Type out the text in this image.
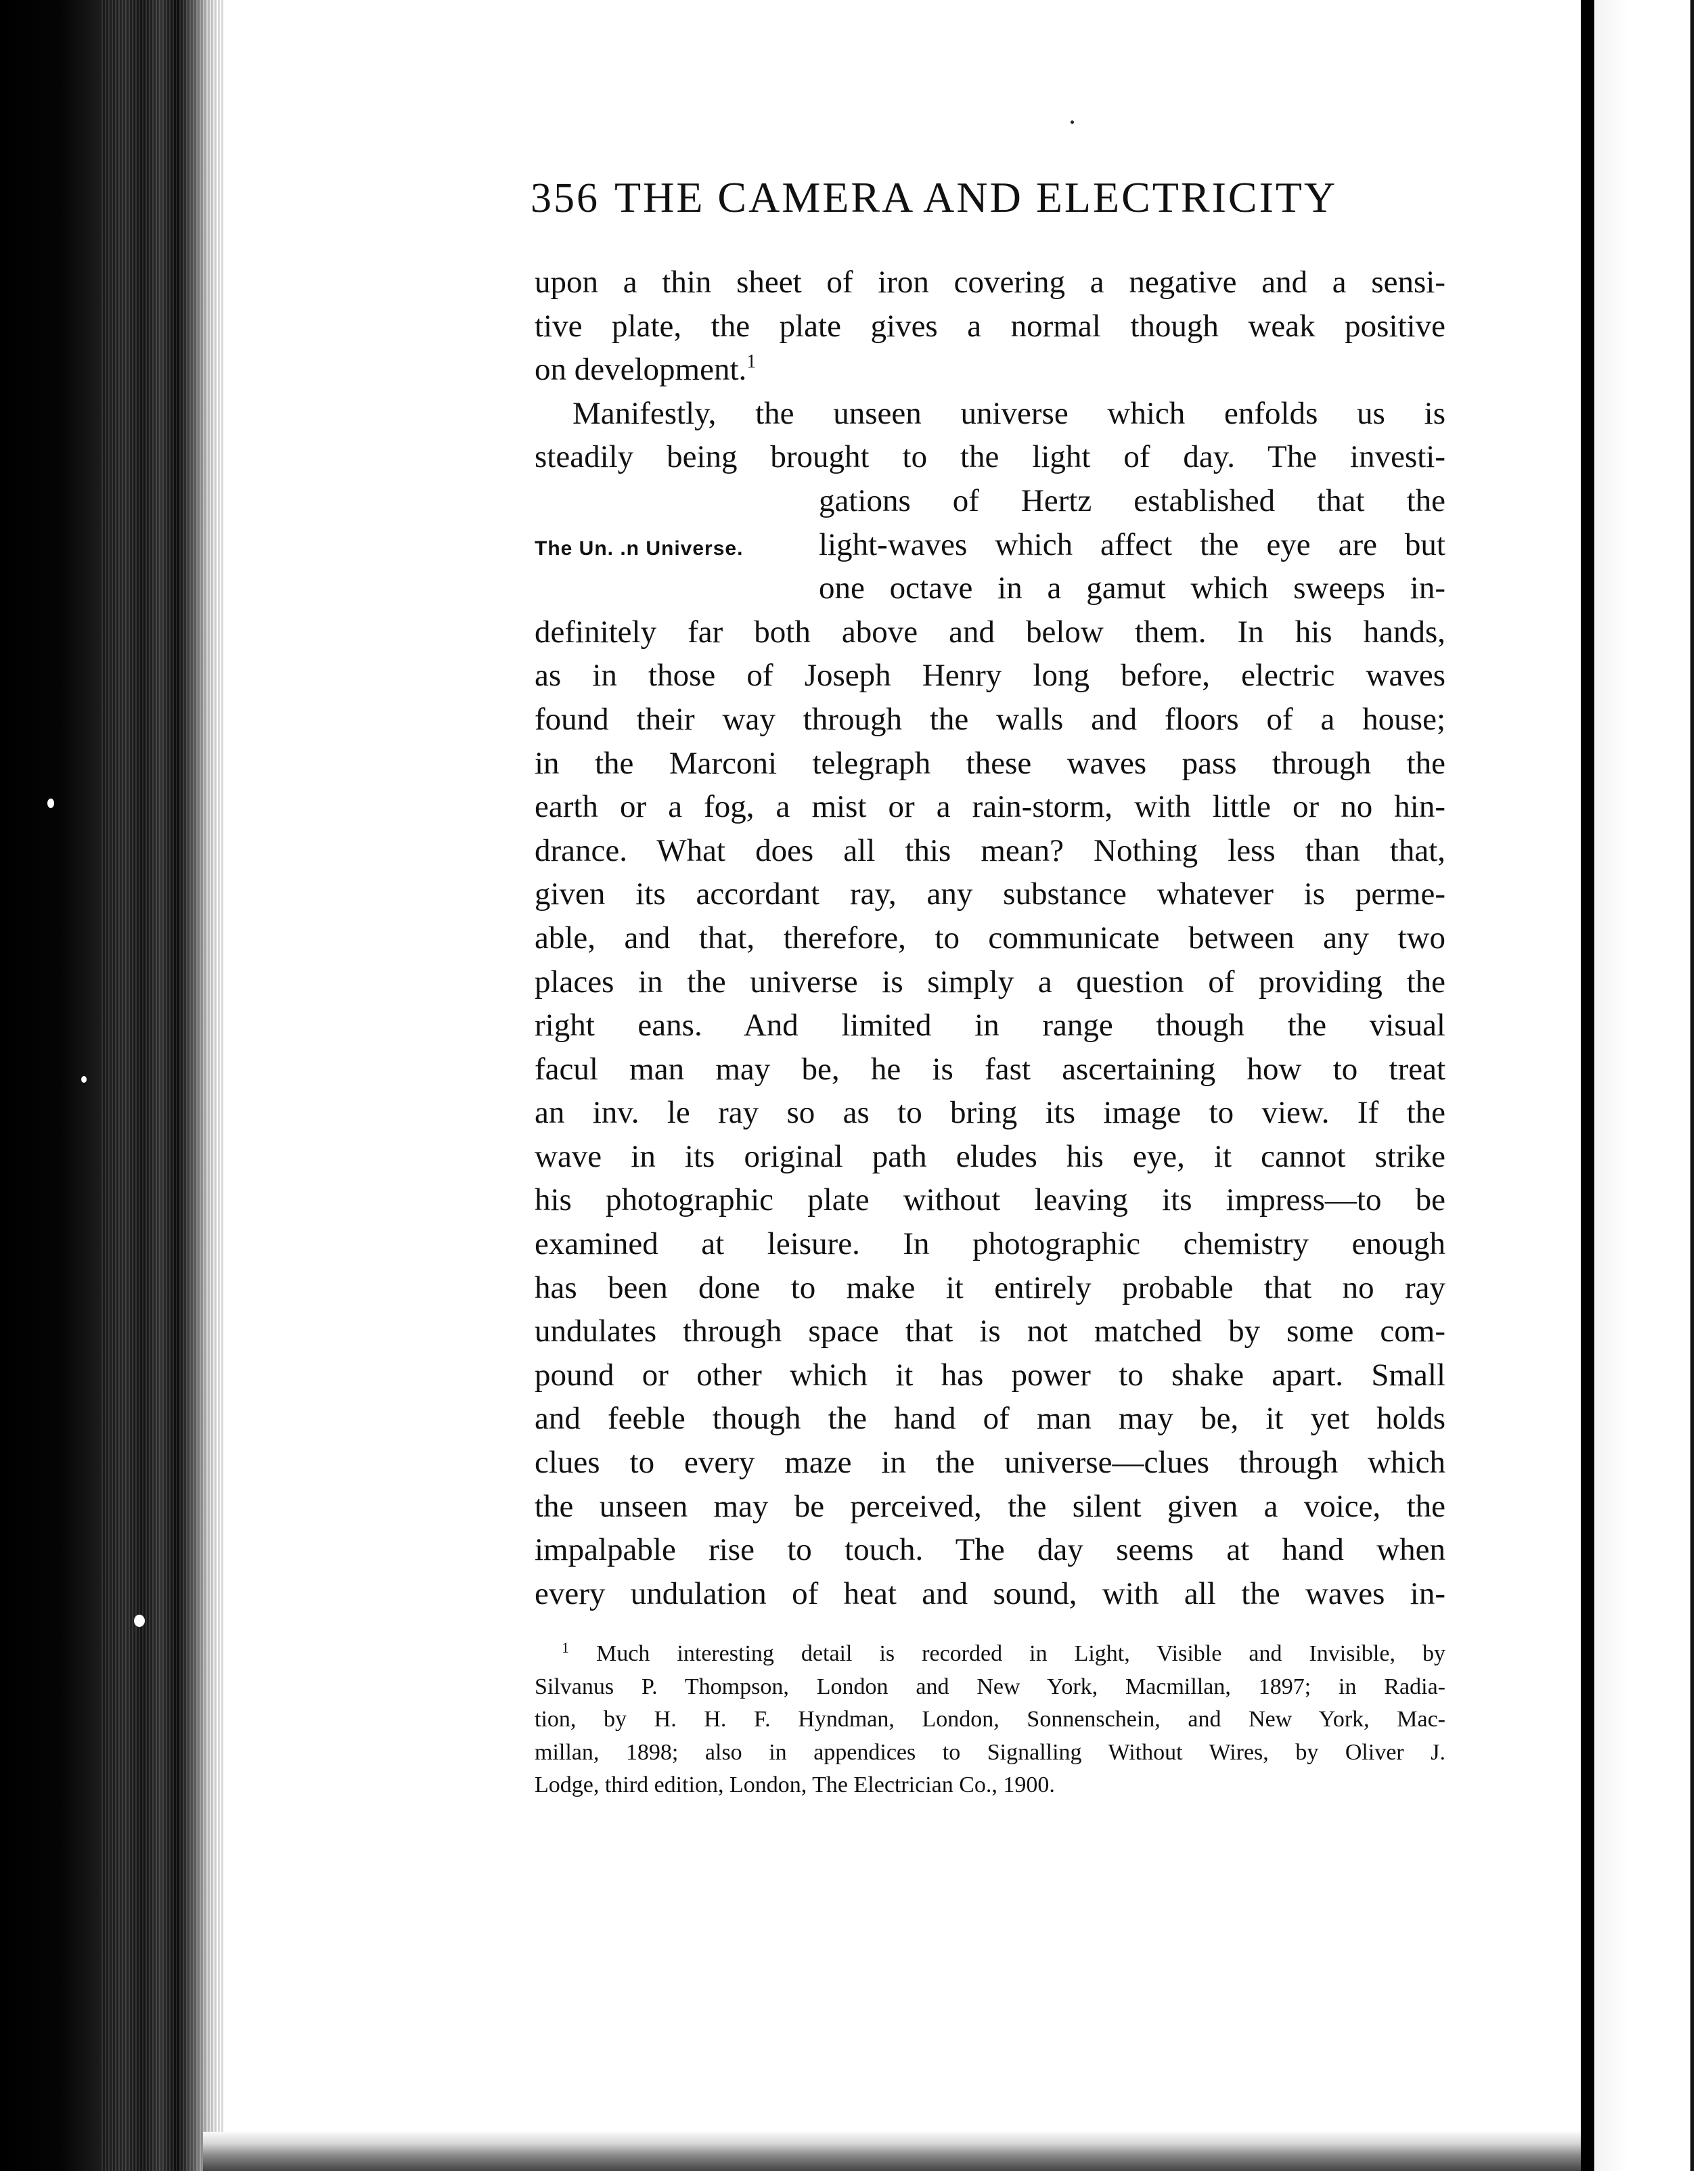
356 THE CAMERA AND ELECTRICITY
upon a thin sheet of iron covering a negative and a sensi-
tive plate, the plate gives a normal though weak positive
on development.$^1$
Manifestly, the unseen universe which enfolds us is
steadily being brought to the light of day. The investi-
gations of Hertz established that the
The Un. .n Universe.	light-waves which affect the eye are but
one octave in a gamut which sweeps in-
definitely far both above and below them. In his hands,
as in those of Joseph Henry long before, electric waves
found their way through the walls and floors of a house;
in the Marconi telegraph these waves pass through the
earth or a fog, a mist or a rain-storm, with little or no hin-
drance. What does all this mean? Nothing less than that,
given its accordant ray, any substance whatever is perme-
able, and that, therefore, to communicate between any two
places in the universe is simply a question of providing the
right eans. And limited in range though the visual
facul man may be, he is fast ascertaining how to treat
an inv. le ray so as to bring its image to view. If the
wave in its original path eludes his eye, it cannot strike
his photographic plate without leaving its impress—to be
examined at leisure. In photographic chemistry enough
has been done to make it entirely probable that no ray
undulates through space that is not matched by some com-
pound or other which it has power to shake apart. Small
and feeble though the hand of man may be, it yet holds
clues to every maze in the universe—clues through which
the unseen may be perceived, the silent given a voice, the
impalpable rise to touch. The day seems at hand when
every undulation of heat and sound, with all the waves in-
$^1$ Much interesting detail is recorded in Light, Visible and Invisible, by
Silvanus P. Thompson, London and New York, Macmillan, 1897; in Radia-
tion, by H. H. F. Hyndman, London, Sonnenschein, and New York, Mac-
millan, 1898; also in appendices to Signalling Without Wires, by Oliver J.
Lodge, third edition, London, The Electrician Co., 1900.
